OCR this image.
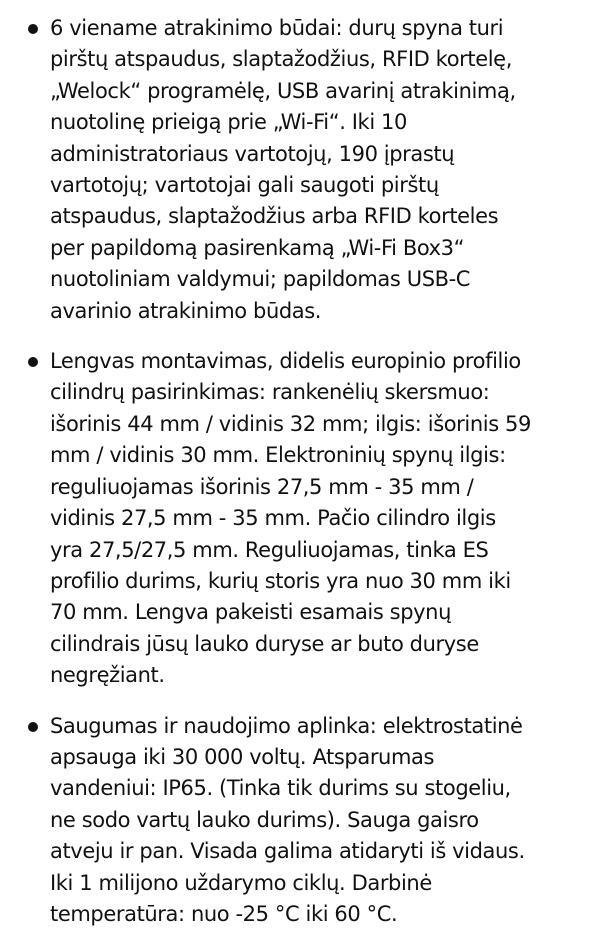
6 viename atrakinimo būdai: durų spyna turi
pirštų atspaudus, slaptažodžius, RFID kortelę,
„Welock“ programėlę, USB avarinį atrakinimą,
nuotolinę prieigą prie „Wi-Fi“. Iki 10
administratoriaus vartotojų, 190 įprastų
vartotojų; vartotojai gali saugoti pirštų
atspaudus, slaptažodžius arba RFID korteles
per papildomą pasirenkamą „Wi-Fi Box3“
nuotoliniam valdymui; papildomas USB-C
avarinio atrakinimo būdas.
Lengvas montavimas, didelis europinio profilio
cilindrų pasirinkimas: rankenėlių skersmuo:
išorinis 44 mm / vidinis 32 mm; ilgis: išorinis 59
mm / vidinis 30 mm. Elektroninių spynų ilgis:
reguliuojamas išorinis 27,5 mm - 35 mm /
vidinis 27,5 mm - 35 mm. Pačio cilindro ilgis
yra 27,5/27,5 mm. Reguliuojamas, tinka ES
profilio durims, kurių storis yra nuo 30 mm iki
70 mm. Lengva pakeisti esamais spynų
cilindrais jūsų lauko duryse ar buto duryse
negręžiant.
Saugumas ir naudojimo aplinka: elektrostatinė
apsauga iki 30 000 voltų. Atsparumas
vandeniui: IP65. (Tinka tik durims su stogeliu,
ne sodo vartų lauko durims). Sauga gaisro
atveju ir pan. Visada galima atidaryti iš vidaus.
Iki 1 milijono uždarymo ciklų. Darbinė
temperatūra: nuo -25 °C iki 60 °C.
